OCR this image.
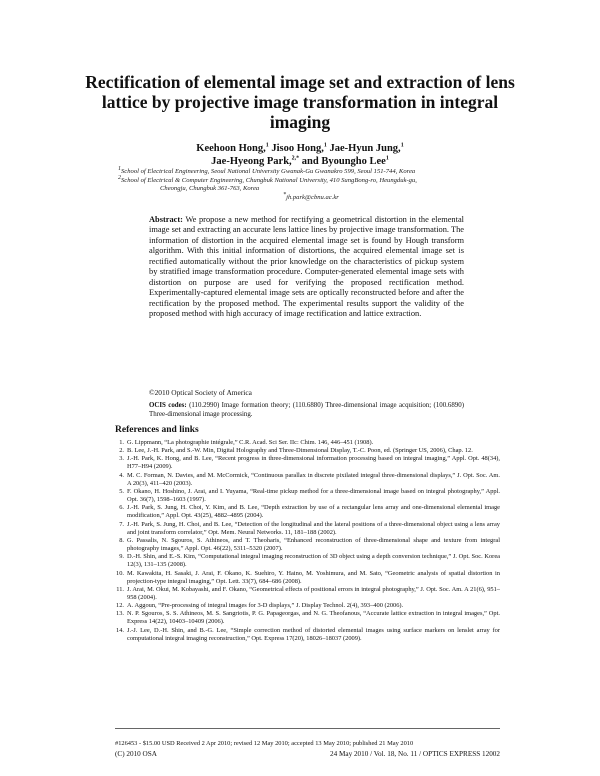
Rectification of elemental image set and extraction of lens lattice by projective image transformation in integral imaging
Keehoon Hong,$^1$ Jisoo Hong,$^1$ Jae-Hyun Jung,$^1$
Jae-Hyeong Park,$^{2,*}$ and Byoungho Lee$^1$
$^1$School of Electrical Engineering, Seoul National University Gwanak-Gu Gwanakro 599, Seoul 151-744, Korea
$^2$School of Electrical & Computer Engineering, Chungbuk National University, 410 SungBong-ro, Heungduk-gu,
Cheongju, Chungbuk 361-763, Korea
*jh.park@cbnu.ac.kr
Abstract: We propose a new method for rectifying a geometrical distortion in the elemental image set and extracting an accurate lens lattice lines by projective image transformation. The information of distortion in the acquired elemental image set is found by Hough transform algorithm. With this initial information of distortions, the acquired elemental image set is rectified automatically without the prior knowledge on the characteristics of pickup system by stratified image transformation procedure. Computer-generated elemental image sets with distortion on purpose are used for verifying the proposed rectification method. Experimentally-captured elemental image sets are optically reconstructed before and after the rectification by the proposed method. The experimental results support the validity of the proposed method with high accuracy of image rectification and lattice extraction.
©2010 Optical Society of America
OCIS codes: (110.2990) Image formation theory; (110.6880) Three-dimensional image acquisition; (100.6890) Three-dimensional image processing.
References and links
1. G. Lippmann, “La photographie intégrale,” C.R. Acad. Sci Ser. IIc: Chim. 146, 446–451 (1908).
2. B. Lee, J.-H. Park, and S.-W. Min, Digital Holography and Three-Dimensional Display, T.-C. Poon, ed. (Springer US, 2006), Chap. 12.
3. J.-H. Park, K. Hong, and B. Lee, “Recent progress in three-dimensional information processing based on integral imaging,” Appl. Opt. 48(34), H77–H94 (2009).
4. M. C. Forman, N. Davies, and M. McCormick, “Continuous parallax in discrete pixilated integral three-dimensional displays,” J. Opt. Soc. Am. A 20(3), 411–420 (2003).
5. F. Okano, H. Hoshino, J. Arai, and I. Yuyama, “Real-time pickup method for a three-dimensional image based on integral photography,” Appl. Opt. 36(7), 1598–1603 (1997).
6. J.-H. Park, S. Jung, H. Choi, Y. Kim, and B. Lee, “Depth extraction by use of a rectangular lens array and one-dimensional elemental image modification,” Appl. Opt. 43(25), 4882–4895 (2004).
7. J.-H. Park, S. Jung, H. Choi, and B. Lee, “Detection of the longitudinal and the lateral positions of a three-dimensional object using a lens array and joint transform correlator,” Opt. Mem. Neural Networks. 11, 181–188 (2002).
8. G. Passalis, N. Sgouros, S. Athineos, and T. Theoharis, “Enhanced reconstruction of three-dimensional shape and texture from integral photography images,” Appl. Opt. 46(22), 5311–5320 (2007).
9. D.-H. Shin, and E.-S. Kim, “Computational integral imaging reconstruction of 3D object using a depth conversion technique,” J. Opt. Soc. Korea 12(3), 131–135 (2008).
10. M. Kawakita, H. Sasaki, J. Arai, F. Okano, K. Suehiro, Y. Haino, M. Yoshimura, and M. Sato, “Geometric analysis of spatial distortion in projection-type integral imaging,” Opt. Lett. 33(7), 684–686 (2008).
11. J. Arai, M. Okui, M. Kobayashi, and F. Okano, “Geometrical effects of positional errors in integral photography,” J. Opt. Soc. Am. A 21(6), 951–958 (2004).
12. A. Aggoun, “Pre-processing of integral images for 3-D displays,” J. Display Technol. 2(4), 393–400 (2006).
13. N. P. Sgouros, S. S. Athineos, M. S. Sangriotis, P. G. Papageorgas, and N. G. Theofanous, “Accurate lattice extraction in integral images,” Opt. Express 14(22), 10403–10409 (2006).
14. J.-J. Lee, D.-H. Shin, and B.-G. Lee, “Simple correction method of distorted elemental images using surface markers on lenslet array for computational integral imaging reconstruction,” Opt. Express 17(20), 18026–18037 (2009).
#126453 - $15.00 USD Received 2 Apr 2010; revised 12 May 2010; accepted 13 May 2010; published 21 May 2010
(C) 2010 OSA	24 May 2010 / Vol. 18, No. 11 / OPTICS EXPRESS 12002
